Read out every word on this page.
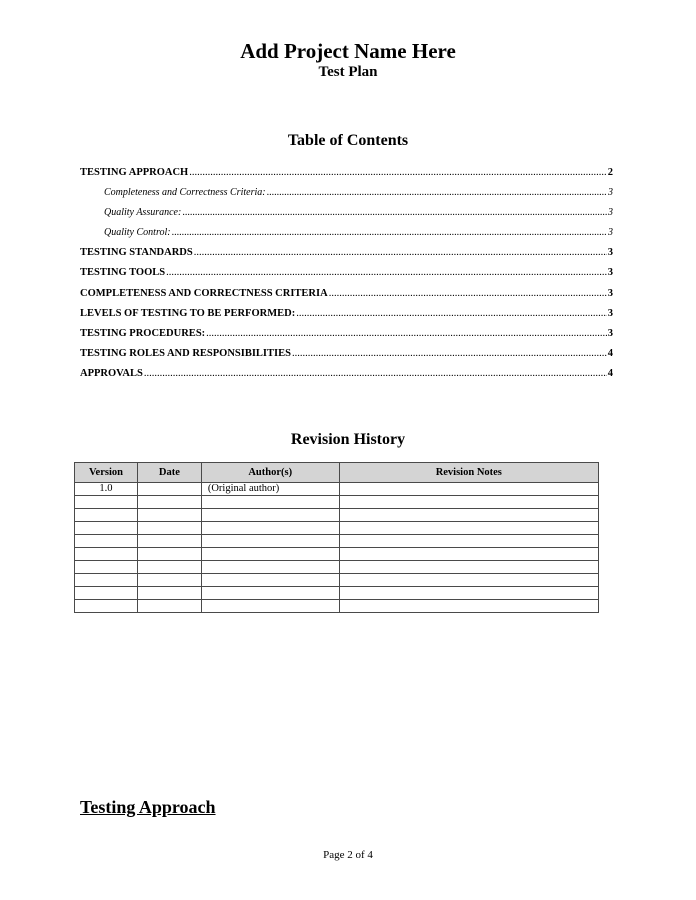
Add Project Name Here
Test Plan
Table of Contents
TESTING APPROACH .....	2
Completeness and Correctness Criteria: .....	3
Quality Assurance: .....	3
Quality Control: .....	3
TESTING STANDARDS .....	3
TESTING TOOLS .....	3
COMPLETENESS AND CORRECTNESS CRITERIA .....	3
LEVELS OF TESTING TO BE PERFORMED: .....	3
TESTING PROCEDURES: .....	3
TESTING ROLES AND RESPONSIBILITIES .....	4
APPROVALS .....	4
Revision History
Version	Date	Author(s)	Revision Notes
1.0		(Original author)	

Testing Approach
Page 2 of 4
